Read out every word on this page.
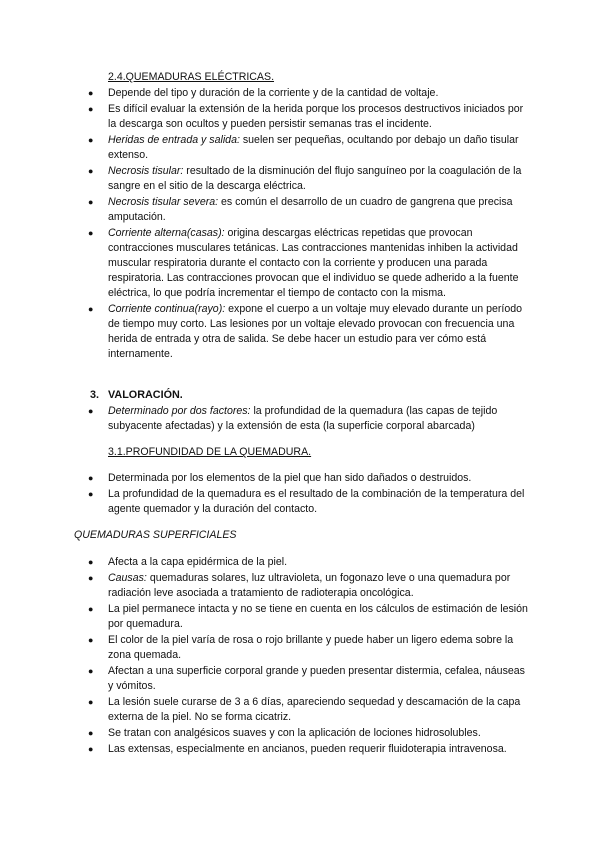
2.4.QUEMADURAS ELÉCTRICAS.

● Depende del tipo y duración de la corriente y de la cantidad de voltaje.
● Es difícil evaluar la extensión de la herida porque los procesos destructivos iniciados por la descarga son ocultos y pueden persistir semanas tras el incidente.
● Heridas de entrada y salida: suelen ser pequeñas, ocultando por debajo un daño tisular extenso.
● Necrosis tisular: resultado de la disminución del flujo sanguíneo por la coagulación de la sangre en el sitio de la descarga eléctrica.
● Necrosis tisular severa: es común el desarrollo de un cuadro de gangrena que precisa amputación.
● Corriente alterna(casas): origina descargas eléctricas repetidas que provocan contracciones musculares tetánicas. Las contracciones mantenidas inhiben la actividad muscular respiratoria durante el contacto con la corriente y producen una parada respiratoria. Las contracciones provocan que el individuo se quede adherido a la fuente eléctrica, lo que podría incrementar el tiempo de contacto con la misma.
● Corriente continua(rayo): expone el cuerpo a un voltaje muy elevado durante un período de tiempo muy corto. Las lesiones por un voltaje elevado provocan con frecuencia una herida de entrada y otra de salida. Se debe hacer un estudio para ver cómo está internamente.
3. VALORACIÓN.
● Determinado por dos factores: la profundidad de la quemadura (las capas de tejido subyacente afectadas) y la extensión de esta (la superficie corporal abarcada)

3.1.PROFUNDIDAD DE LA QUEMADURA.

● Determinada por los elementos de la piel que han sido dañados o destruidos.
● La profundidad de la quemadura es el resultado de la combinación de la temperatura del agente quemador y la duración del contacto.

QUEMADURAS SUPERFICIALES

● Afecta a la capa epidérmica de la piel.
● Causas: quemaduras solares, luz ultravioleta, un fogonazo leve o una quemadura por radiación leve asociada a tratamiento de radioterapia oncológica.
● La piel permanece intacta y no se tiene en cuenta en los cálculos de estimación de lesión por quemadura.
● El color de la piel varía de rosa o rojo brillante y puede haber un ligero edema sobre la zona quemada.
● Afectan a una superficie corporal grande y pueden presentar distermia, cefalea, náuseas y vómitos.
● La lesión suele curarse de 3 a 6 días, apareciendo sequedad y descamación de la capa externa de la piel. No se forma cicatriz.
● Se tratan con analgésicos suaves y con la aplicación de lociones hidrosolubles.
● Las extensas, especialmente en ancianos, pueden requerir fluidoterapia intravenosa.
